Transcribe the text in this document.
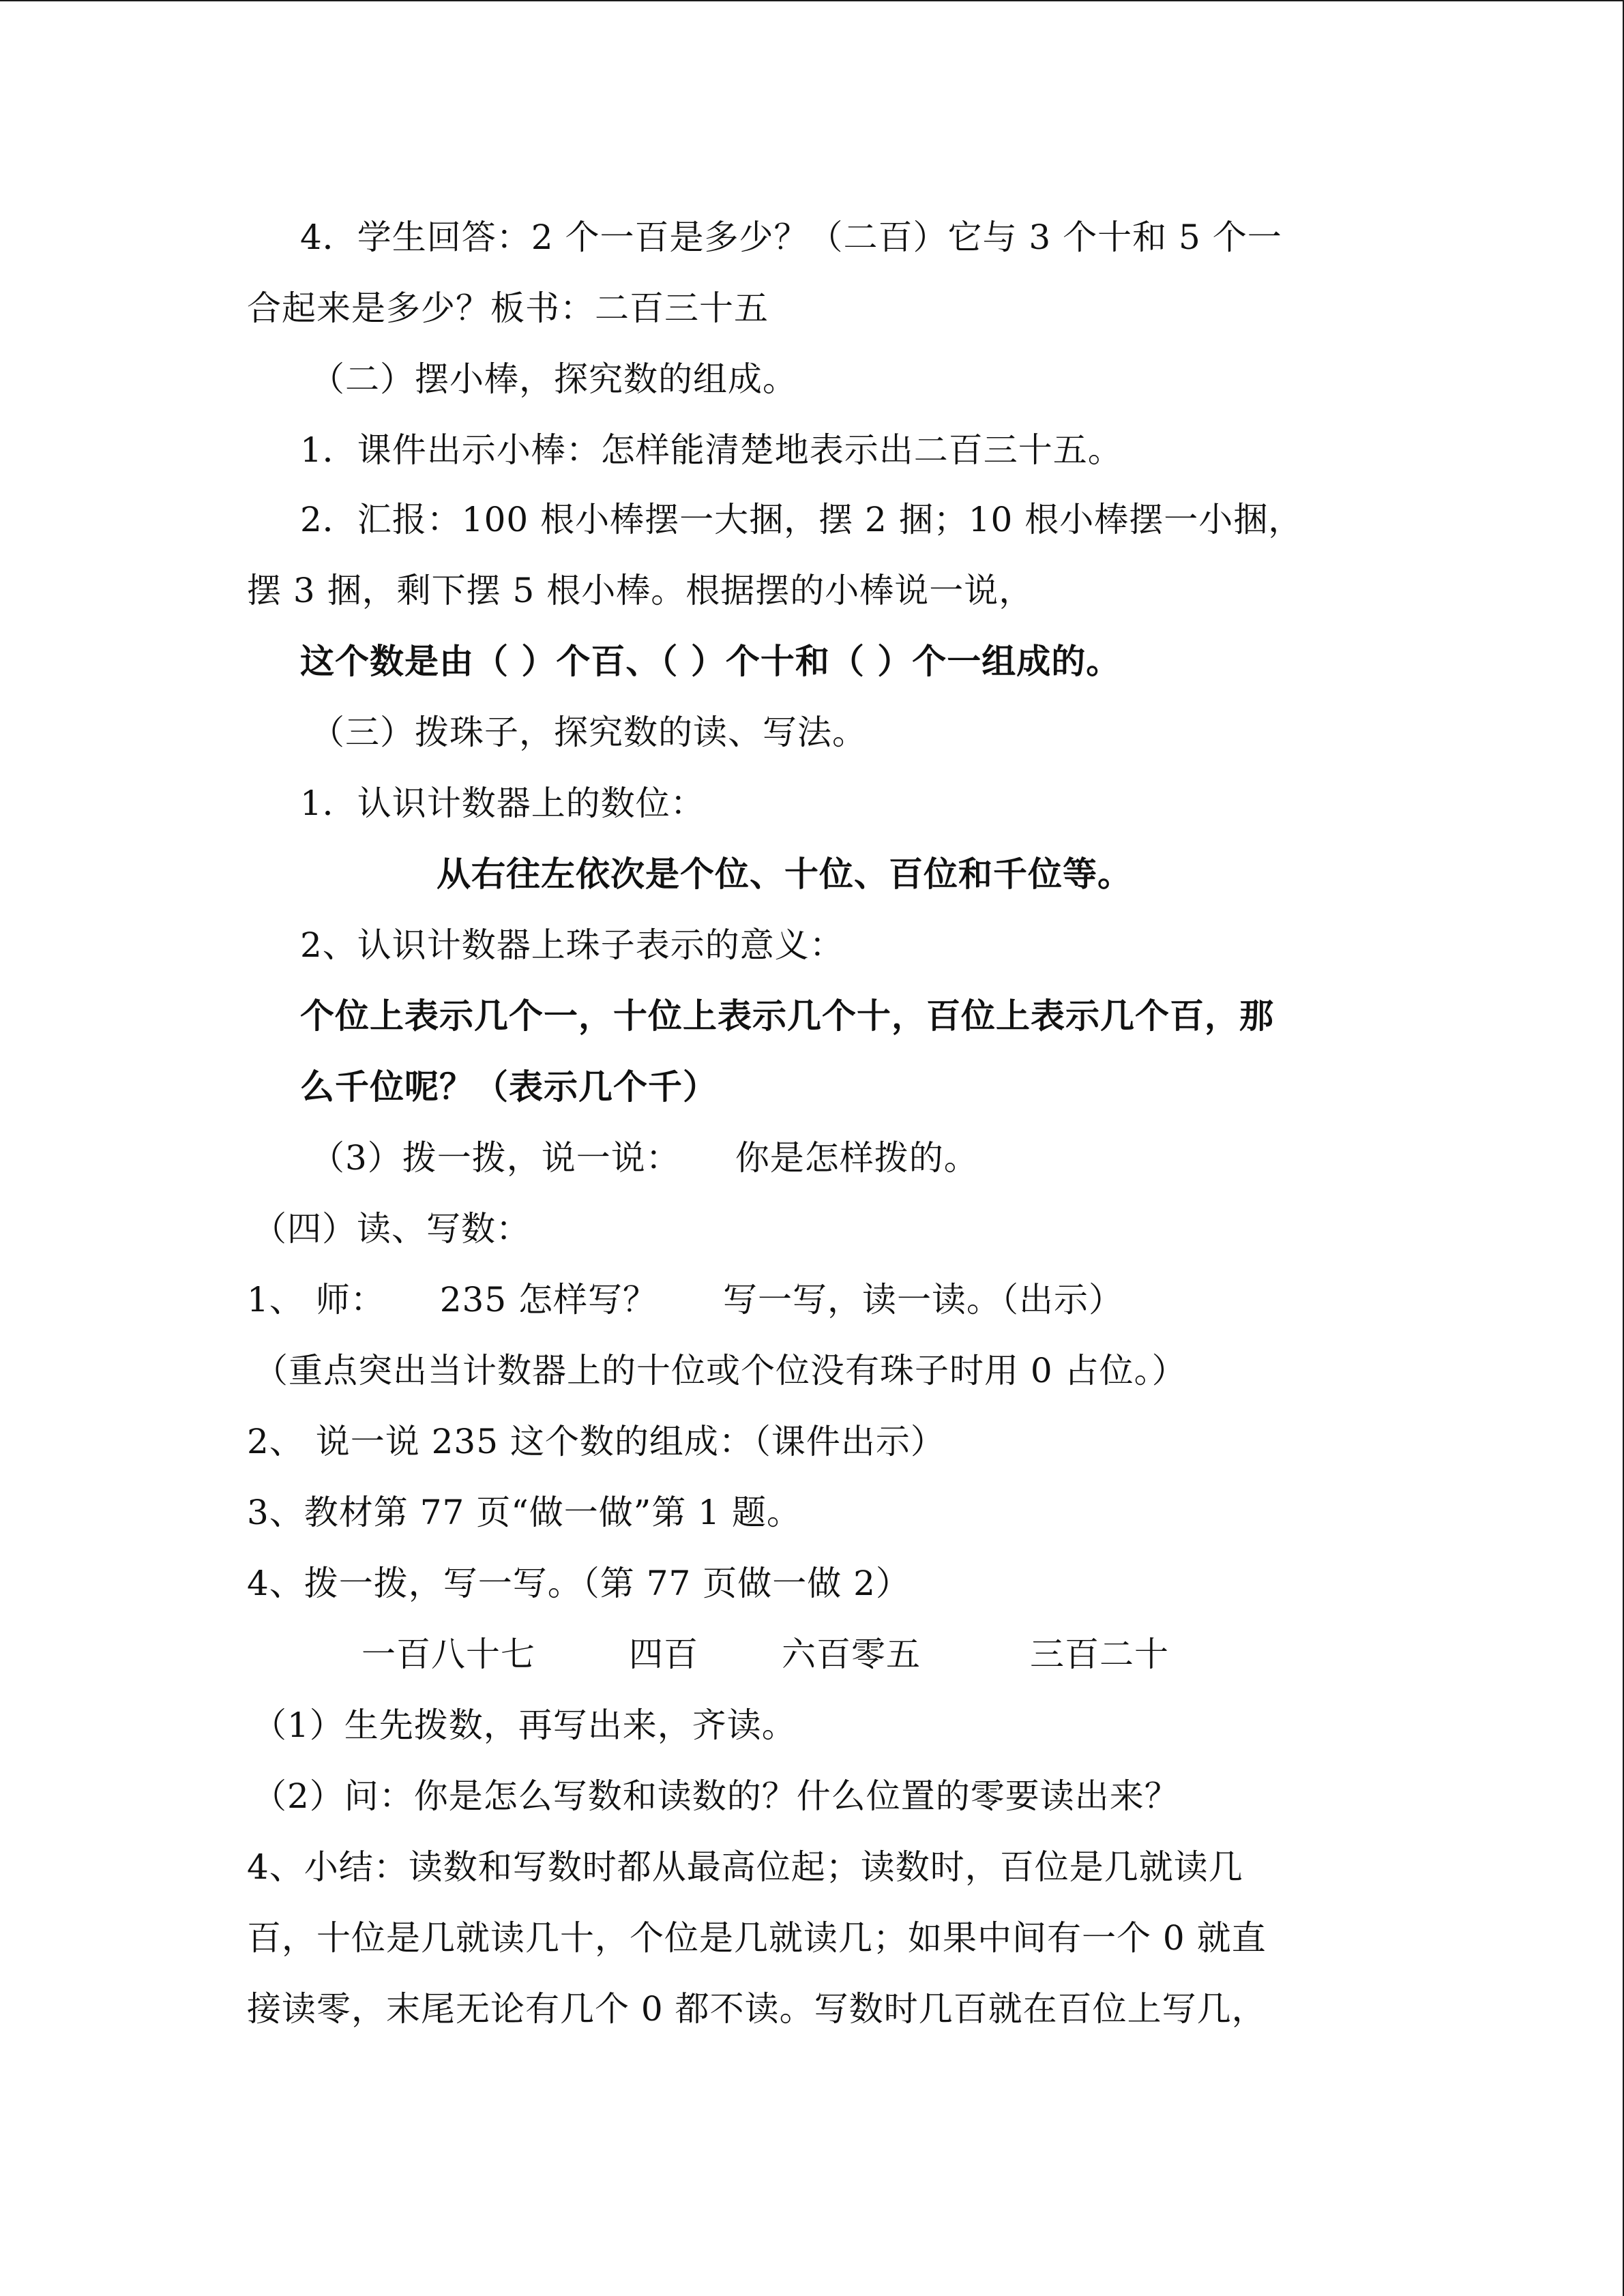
4．学生回答：2 个一百是多少？（二百）它与 3 个十和 5 个一
合起来是多少？板书：二百三十五
（二）摆小棒，探究数的组成。
1．课件出示小棒：怎样能清楚地表示出二百三十五。
2．汇报：100 根小棒摆一大捆，摆 2 捆；10 根小棒摆一小捆，
摆 3 捆，剩下摆 5 根小棒。根据摆的小棒说一说，
这个数是由（ ）个百、（ ）个十和（ ）个一组成的。
（三）拨珠子，探究数的读、写法。
1．认识计数器上的数位：
从右往左依次是个位、十位、百位和千位等。
2、认识计数器上珠子表示的意义：
个位上表示几个一，十位上表示几个十，百位上表示几个百，那
么千位呢？（表示几个千）
（3）拨一拨，说一说： 你是怎样拨的。
（四）读、写数：
1、 师： 235 怎样写？ 写一写，读一读。（出示）
（重点突出当计数器上的十位或个位没有珠子时用 0 占位。）
2、 说一说 235 这个数的组成：（课件出示）
3、教材第 77 页“做一做”第 1 题。
4、拨一拨，写一写。（第 77 页做一做 2）
一百八十七	四百 六百零五	三百二十
（1）生先拨数，再写出来，齐读。
（2）问：你是怎么写数和读数的？什么位置的零要读出来？
4、小结：读数和写数时都从最高位起；读数时，百位是几就读几
百，十位是几就读几十，个位是几就读几；如果中间有一个 0 就直
接读零，末尾无论有几个 0 都不读。写数时几百就在百位上写几，
